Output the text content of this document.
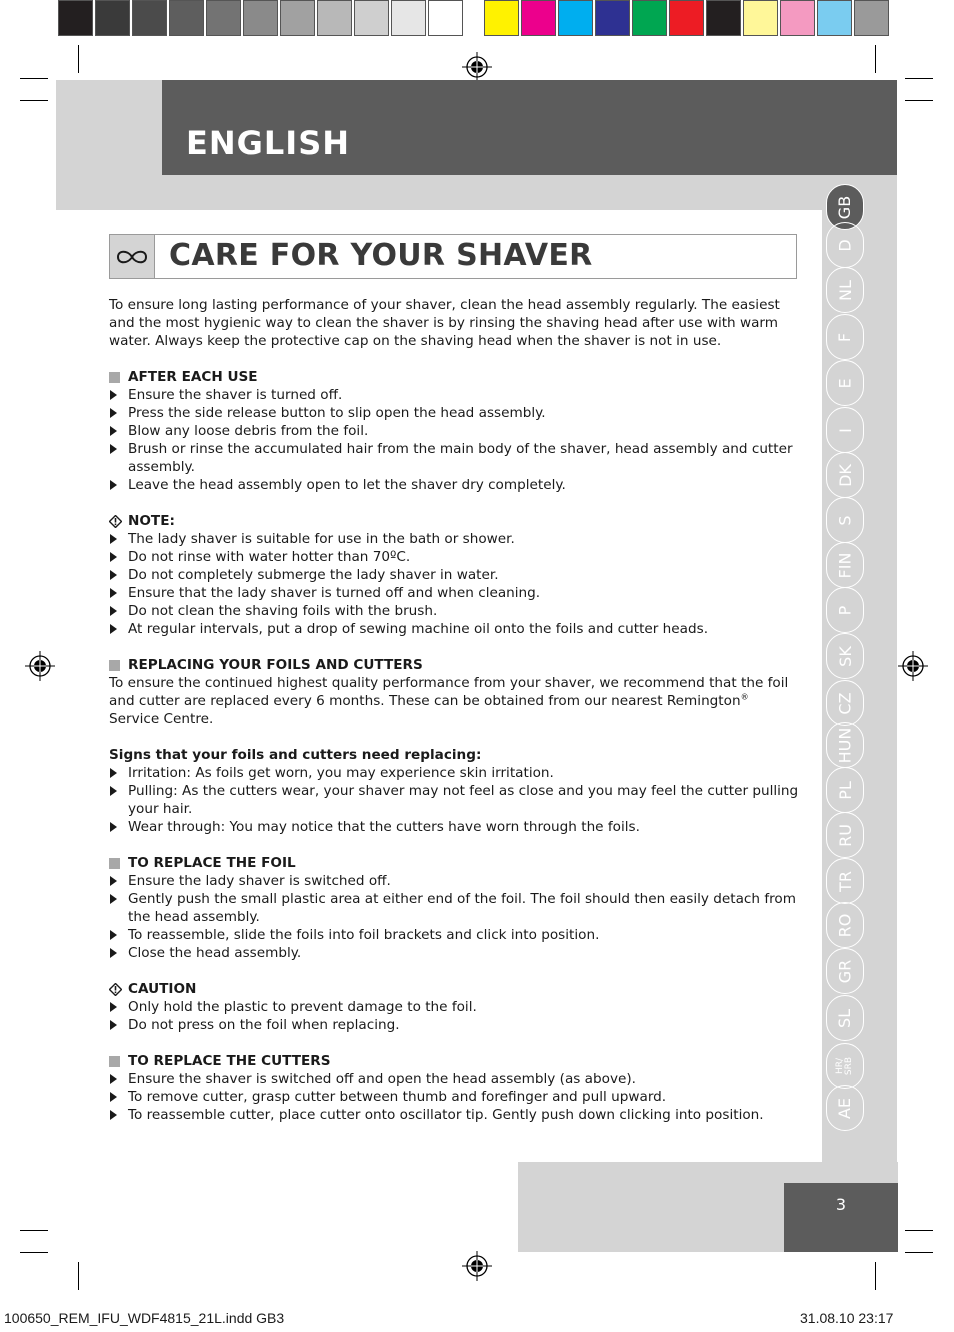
ENGLISH
GB
D
NL
F
E
I
DK
S
FIN
P
SK
CZ
HUN
PL
RU
TR
RO
GR
SL
HR/
SRB
AE
CARE FOR YOUR SHAVER

To ensure long lasting performance of your shaver, clean the head assembly regularly. The easiest and the most hygienic way to clean the shaver is by rinsing the shaving head after use with warm water. Always keep the protective cap on the shaving head when the shaver is not in use.

AFTER EACH USE
Ensure the shaver is turned off.
Press the side release button to slip open the head assembly.
Blow any loose debris from the foil.
Brush or rinse the accumulated hair from the main body of the shaver, head assembly and cutter assembly.
Leave the head assembly open to let the shaver dry completely.
NOTE:
The lady shaver is suitable for use in the bath or shower.
Do not rinse with water hotter than 70ºC.
Do not completely submerge the lady shaver in water.
Ensure that the lady shaver is turned off and when cleaning.
Do not clean the shaving foils with the brush.
At regular intervals, put a drop of sewing machine oil onto the foils and cutter heads.
REPLACING YOUR FOILS AND CUTTERS

To ensure the continued highest quality performance from your shaver, we recommend that the foil and cutter are replaced every 6 months. These can be obtained from our nearest Remington® Service Centre.

Signs that your foils and cutters need replacing:

Irritation: As foils get worn, you may experience skin irritation.
Pulling: As the cutters wear, your shaver may not feel as close and you may feel the cutter pulling your hair.
Wear through: You may notice that the cutters have worn through the foils.
TO REPLACE THE FOIL
Ensure the lady shaver is switched off.
Gently push the small plastic area at either end of the foil. The foil should then easily detach from the head assembly.
To reassemble, slide the foils into foil brackets and click into position.
Close the head assembly.
CAUTION
Only hold the plastic to prevent damage to the foil.
Do not press on the foil when replacing.
TO REPLACE THE CUTTERS
Ensure the shaver is switched off and open the head assembly (as above).
To remove cutter, grasp cutter between thumb and forefinger and pull upward.
To reassemble cutter, place cutter onto oscillator tip. Gently push down clicking into position.
3
100650_REM_IFU_WDF4815_21L.indd GB3	31.08.10 23:17
